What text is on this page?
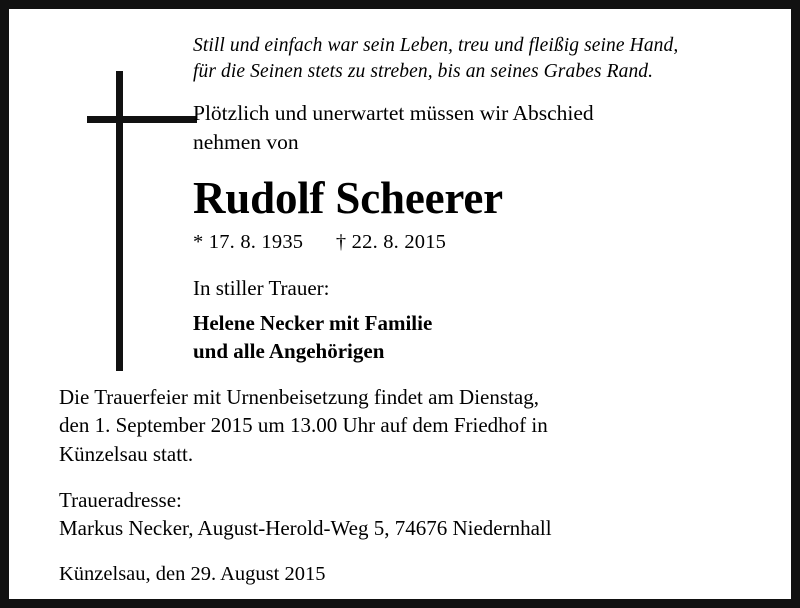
Still und einfach war sein Leben, treu und fleißig seine Hand,
für die Seinen stets zu streben, bis an seines Grabes Rand.
Plötzlich und unerwartet müssen wir Abschied
nehmen von
Rudolf Scheerer
* 17. 8. 1935 † 22. 8. 2015
In stiller Trauer:
Helene Necker mit Familie
und alle Angehörigen
Die Trauerfeier mit Urnenbeisetzung findet am Dienstag,
den 1. September 2015 um 13.00 Uhr auf dem Friedhof in
Künzelsau statt.
Traueradresse:
Markus Necker, August-Herold-Weg 5, 74676 Niedernhall
Künzelsau, den 29. August 2015
